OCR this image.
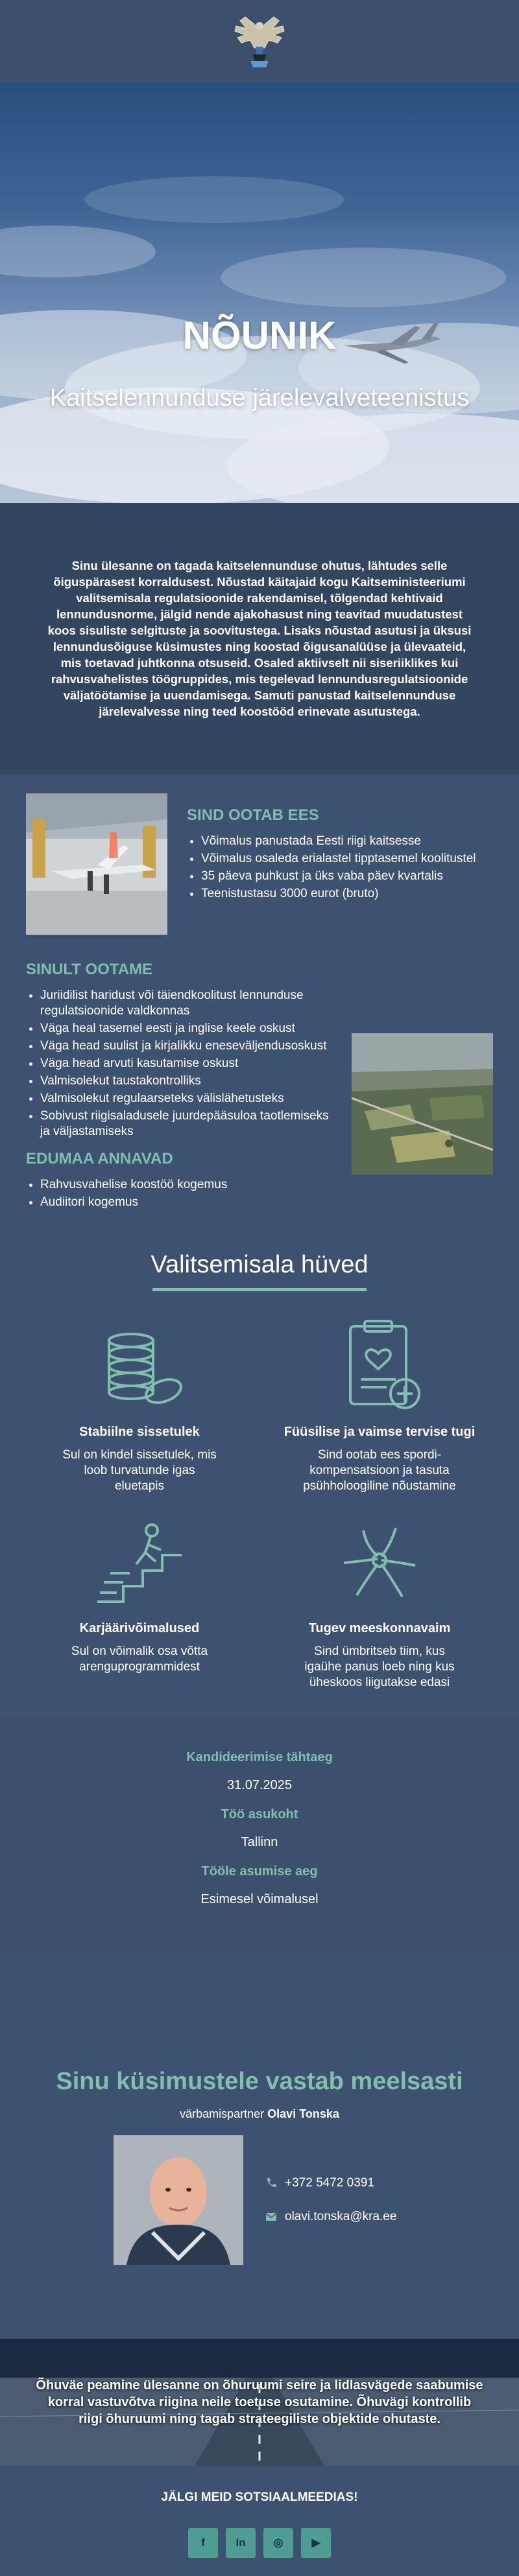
NÕUNIK
Kaitselennunduse järelevalveteenistus

Sinu ülesanne on tagada kaitselennunduse ohutus, lähtudes selle õiguspärasest korraldusest. Nõustad käitajaid kogu Kaitseministeeriumi valitsemisala regulatsioonide rakendamisel, tõlgendad kehtivaid lennundusnorme, jälgid nende ajakohasust ning teavitad muudatustest koos sisuliste selgituste ja soovitustega. Lisaks nõustad asutusi ja üksusi lennundusõiguse küsimustes ning koostad õigusanalüüse ja ülevaateid, mis toetavad juhtkonna otsuseid. Osaled aktiivselt nii siseriiklikes kui rahvusvahelistes töögruppides, mis tegelevad lennundusregulatsioonide väljatöötamise ja uuendamisega. Samuti panustad kaitselennunduse järelevalvesse ning teed koostööd erinevate asutustega.

SIND OOTAB EES
• Võimalus panustada Eesti riigi kaitsesse
• Võimalus osaleda erialastel tipptasemel koolitustel
• 35 päeva puhkust ja üks vaba päev kvartalis
• Teenistustasu 3000 eurot (bruto)
SINULT OOTAME
• Juriidilist haridust või täiendkoolitust lennunduse regulatsioonide valdkonnas
• Väga heal tasemel eesti ja inglise keele oskust
• Väga head suulist ja kirjalikku eneseväljendusoskust
• Väga head arvuti kasutamise oskust
• Valmisolekut taustakontrolliks
• Valmisolekut regulaarseteks välislähetusteks
• Sobivust riigisaladusele juurdepääsuloa taotlemiseks ja väljastamiseks
EDUMAA ANNAVAD
• Rahvusvahelise koostöö kogemus
• Audiitori kogemus
Valitsemisala hüved
Stabiilne sissetulek
Sul on kindel sissetulek, mis loob turvatunde igas eluetapis
Füüsilise ja vaimse tervise tugi
Sind ootab ees spordi-kompensatsioon ja tasuta psühholoogiline nõustamine
Karjäärivõimalused
Sul on võimalik osa võtta arenguprogrammidest
Tugev meeskonnavaim
Sind ümbritseb tiim, kus igaühe panus loeb ning kus üheskoos liigutakse edasi
Kandideerimise tähtaeg
31.07.2025
Töö asukoht
Tallinn
Tööle asumise aeg
Esimesel võimalusel
Sinu küsimustele vastab meelsasti
värbamispartner Olavi Tonska
+372 5472 0391
olavi.tonska@kra.ee

Õhuväe peamine ülesanne on õhuruumi seire ja lidlasvägede saabumise korral vastuvõtva riigina neile toetuse osutamine. Õhuvägi kontrollib riigi õhuruumi ning tagab strateegiliste objektide ohutaste.

JÄLGI MEID SOTSIAALMEEDIAS!
f	in	◎	▶
